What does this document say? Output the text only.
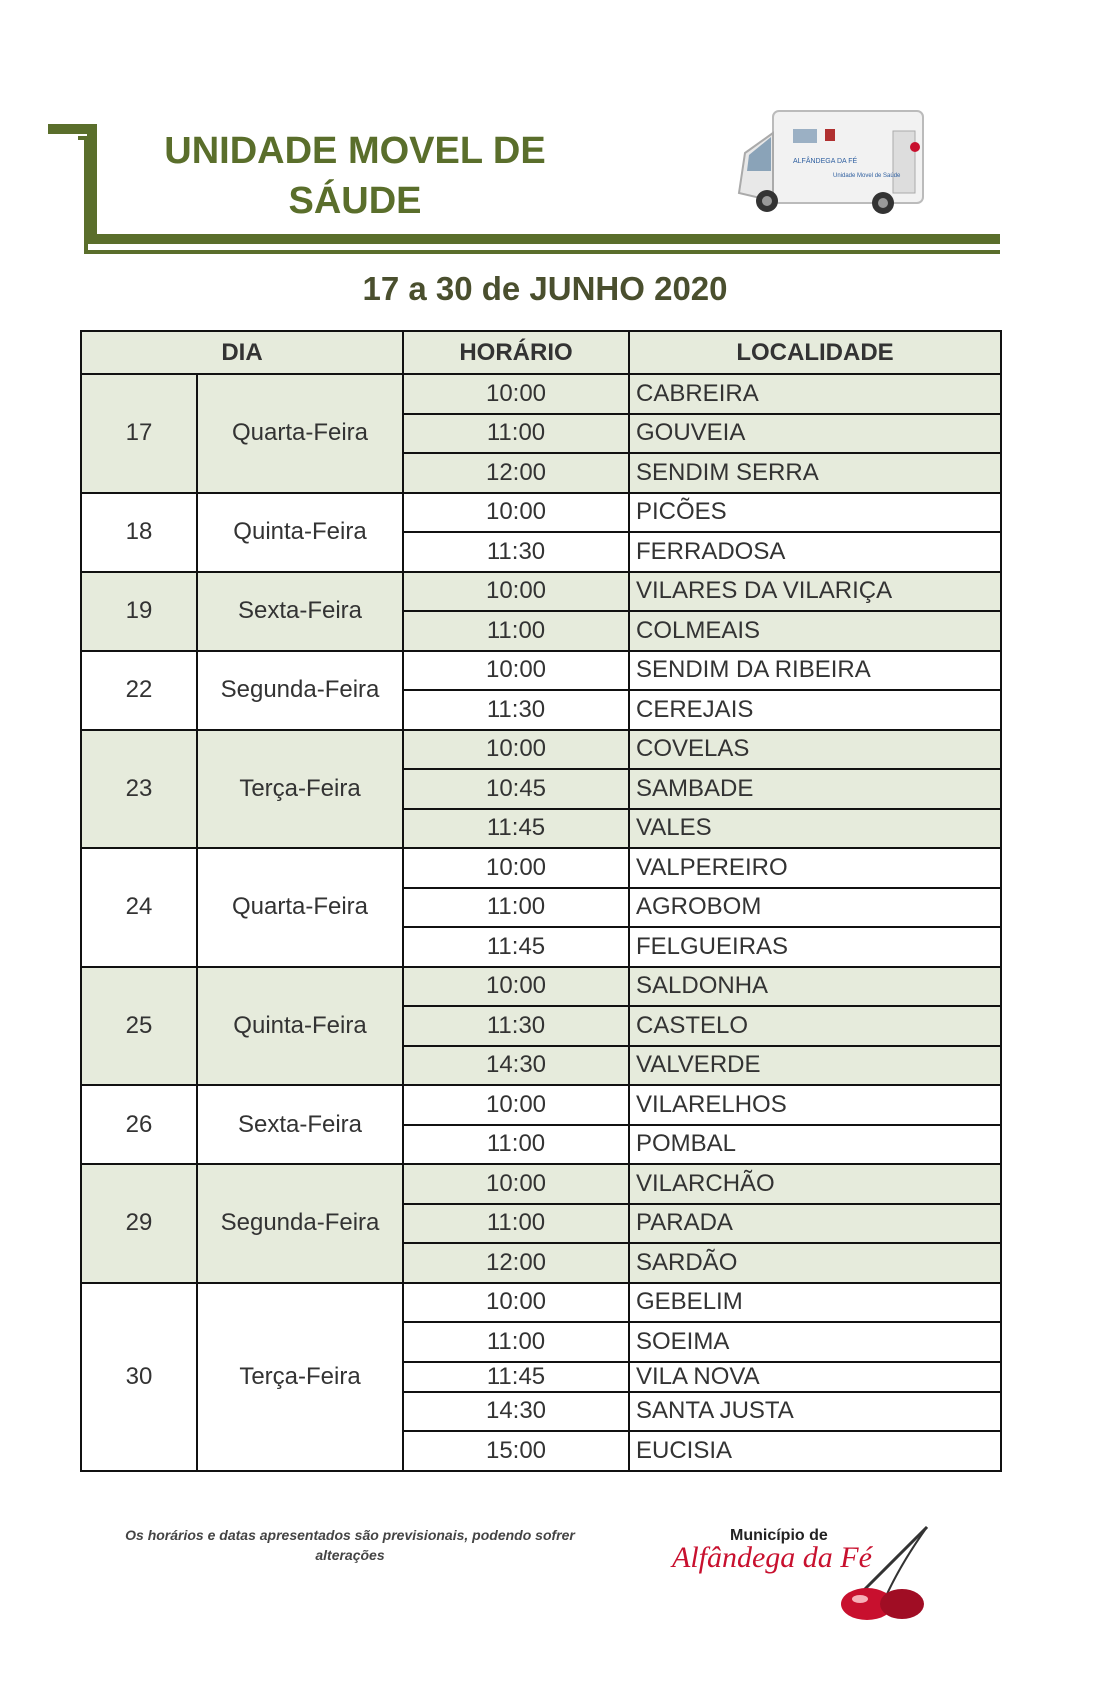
UNIDADE MOVEL DE
SÁUDE
ALFÂNDEGA DA FÉ
Unidade Movel de Saúde
17 a 30 de JUNHO 2020
DIA		HORÁRIO	LOCALIDADE
17	Quarta-Feira	10:00	CABREIRA
		11:00	GOUVEIA
		12:00	SENDIM SERRA
18	Quinta-Feira	10:00	PICÕES
		11:30	FERRADOSA
19	Sexta-Feira	10:00	VILARES DA VILARIÇA
		11:00	COLMEAIS
22	Segunda-Feira	10:00	SENDIM DA RIBEIRA
		11:30	CEREJAIS
23	Terça-Feira	10:00	COVELAS
		10:45	SAMBADE
		11:45	VALES
24	Quarta-Feira	10:00	VALPEREIRO
		11:00	AGROBOM
		11:45	FELGUEIRAS
25	Quinta-Feira	10:00	SALDONHA
		11:30	CASTELO
		14:30	VALVERDE
26	Sexta-Feira	10:00	VILARELHOS
		11:00	POMBAL
29	Segunda-Feira	10:00	VILARCHÃO
		11:00	PARADA
		12:00	SARDÃO
30	Terça-Feira	10:00	GEBELIM
		11:00	SOEIMA
		11:45	VILA NOVA
		14:30	SANTA JUSTA
		15:00	EUCISIA
Os horários e datas apresentados são previsionais, podendo sofrer
alterações
Município de
Alfândega da Fé
